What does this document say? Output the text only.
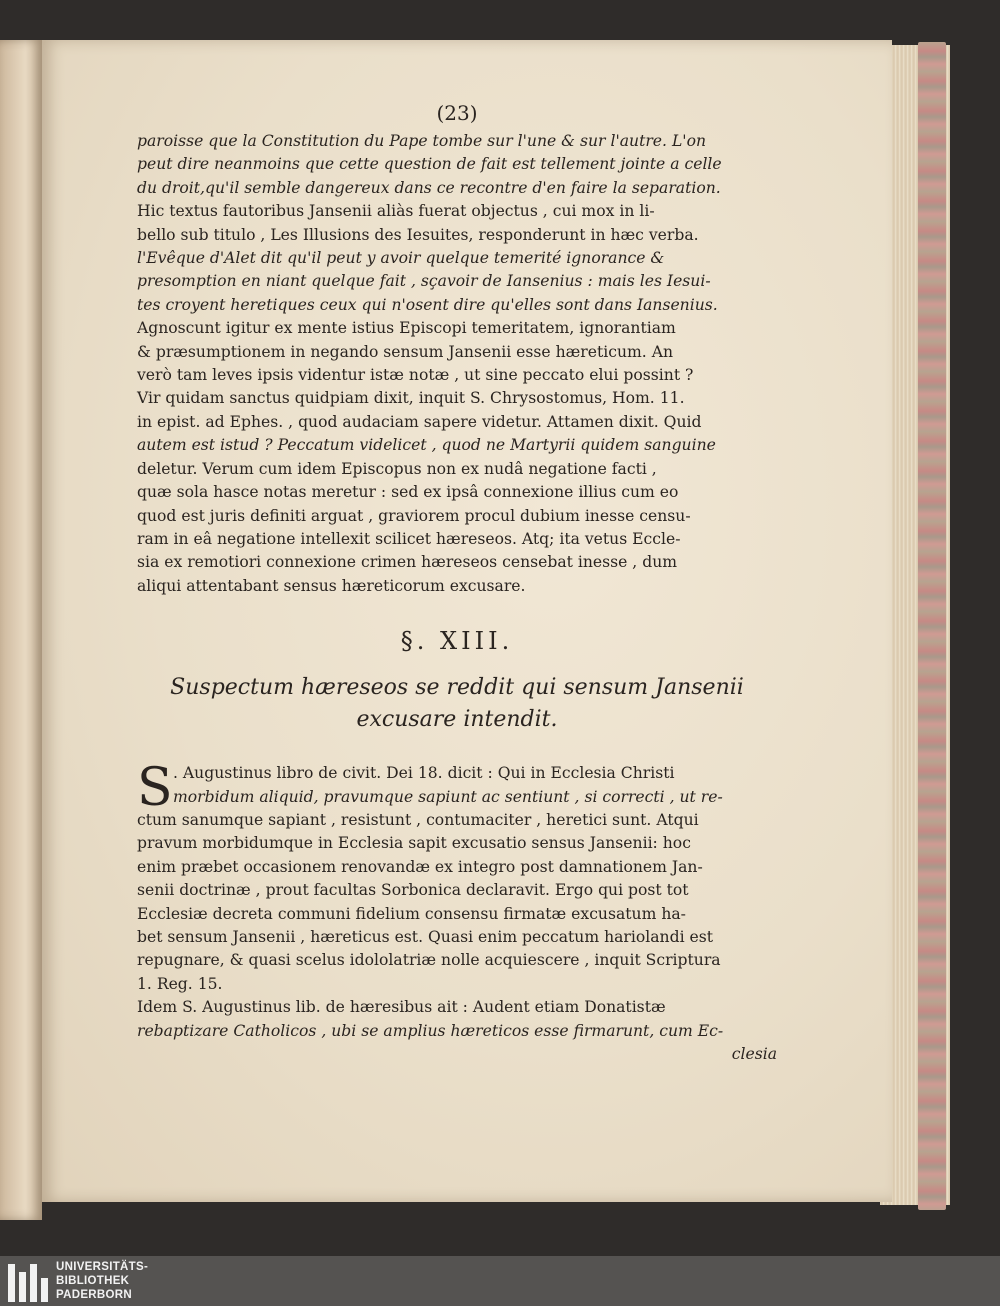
(23)
paroisse que la Constitution du Pape tombe sur l'une & sur l'autre. L'on
peut dire neanmoins que cette question de fait est tellement jointe a celle
du droit,qu'il semble dangereux dans ce recontre d'en faire la separation.
Hic textus fautoribus Jansenii aliàs fuerat objectus , cui mox in li-
bello sub titulo , Les Illusions des Iesuites, responderunt in hæc verba.
l'Evêque d'Alet dit qu'il peut y avoir quelque temerité ignorance &
presomption en niant quelque fait , sçavoir de Iansenius : mais les Iesui-
tes croyent heretiques ceux qui n'osent dire qu'elles sont dans Iansenius.
Agnoscunt igitur ex mente istius Episcopi temeritatem, ignorantiam
& præsumptionem in negando sensum Jansenii esse hæreticum. An
verò tam leves ipsis videntur istæ notæ , ut sine peccato elui possint ?
Vir quidam sanctus quidpiam dixit, inquit S. Chrysostomus, Hom. 11.
in epist. ad Ephes. , quod audaciam sapere videtur. Attamen dixit. Quid
autem est istud ? Peccatum videlicet , quod ne Martyrii quidem sanguine
deletur. Verum cum idem Episcopus non ex nudâ negatione facti ,
quæ sola hasce notas meretur : sed ex ipsâ connexione illius cum eo
quod est juris definiti arguat , graviorem procul dubium inesse censu-
ram in eâ negatione intellexit scilicet hæreseos. Atq; ita vetus Eccle-
sia ex remotiori connexione crimen hæreseos censebat inesse , dum
aliqui attentabant sensus hæreticorum excusare.
§. XIII.
Suspectum hæreseos se reddit qui sensum Jansenii
excusare intendit.
S . Augustinus libro de civit. Dei 18. dicit : Qui in Ecclesia Christi
morbidum aliquid, pravumque sapiunt ac sentiunt , si correcti , ut re-
ctum sanumque sapiant , resistunt , contumaciter , heretici sunt. Atqui
pravum morbidumque in Ecclesia sapit excusatio sensus Jansenii: hoc
enim præbet occasionem renovandæ ex integro post damnationem Jan-
senii doctrinæ , prout facultas Sorbonica declaravit. Ergo qui post tot
Ecclesiæ decreta communi fidelium consensu firmatæ excusatum ha-
bet sensum Jansenii , hæreticus est. Quasi enim peccatum hariolandi est
repugnare, & quasi scelus idololatriæ nolle acquiescere , inquit Scriptura
1. Reg. 15.
Idem S. Augustinus lib. de hæresibus ait : Audent etiam Donatistæ
rebaptizare Catholicos , ubi se amplius hæreticos esse firmarunt, cum Ec-
clesia
UNIVERSITÄTS-
BIBLIOTHEK
PADERBORN
